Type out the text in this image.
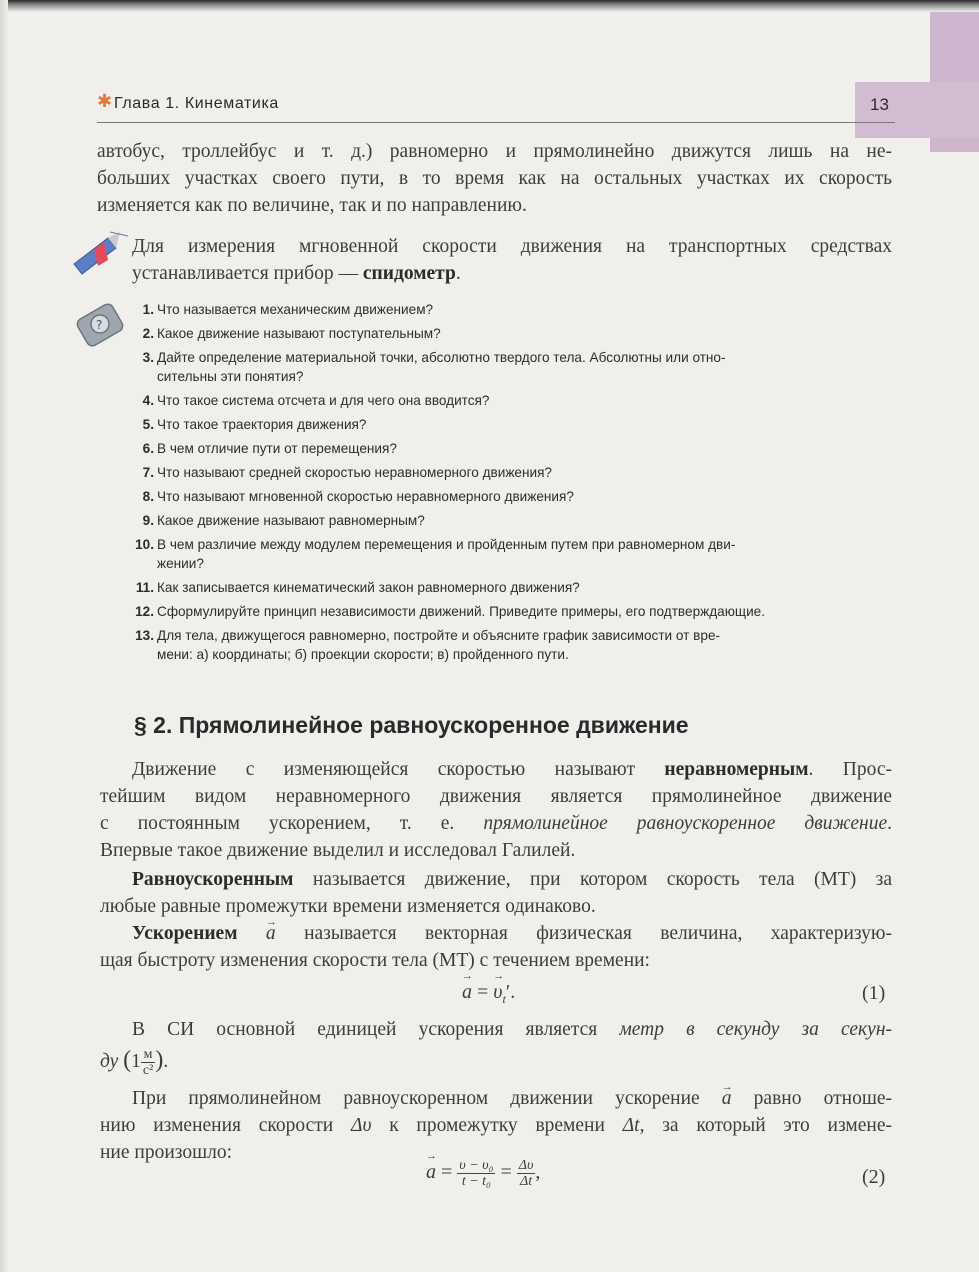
✱ Глава 1. Кинематика	13
автобус, троллейбус и т. д.) равномерно и прямолинейно движутся лишь на не-
больших участках своего пути, в то время как на остальных участках их скорость
изменяется как по величине, так и по направлению.
Для измерения мгновенной скорости движения на транспортных средствах
устанавливается прибор — спидометр.
?
1. Что называется механическим движением?
2. Какое движение называют поступательным?
3. Дайте определение материальной точки, абсолютно твердого тела. Абсолютны или отно-
сительны эти понятия?
4. Что такое система отсчета и для чего она вводится?
5. Что такое траектория движения?
6. В чем отличие пути от перемещения?
7. Что называют средней скоростью неравномерного движения?
8. Что называют мгновенной скоростью неравномерного движения?
9. Какое движение называют равномерным?
10. В чем различие между модулем перемещения и пройденным путем при равномерном дви-
жении?
11. Как записывается кинематический закон равномерного движения?
12. Сформулируйте принцип независимости движений. Приведите примеры, его подтверждающие.
13. Для тела, движущегося равномерно, постройте и объясните график зависимости от вре-
мени: а) координаты; б) проекции скорости; в) пройденного пути.
§ 2. Прямолинейное равноускоренное движение
Движение с изменяющейся скоростью называют неравномерным. Прос-
тейшим видом неравномерного движения является прямолинейное движение
с постоянным ускорением, т. е. прямолинейное равноускоренное движение.
Впервые такое движение выделил и исследовал Галилей.
Равноускоренным называется движение, при котором скорость тела (МТ) за
любые равные промежутки времени изменяется одинаково.
Ускорением → a называется векторная физическая величина, характеризую-
щая быстроту изменения скорости тела (МТ) с течением времени:
→ a = → $\upsilon_t'$.	(1)
В СИ основной единицей ускорения является метр в секунду за секун-
ду ($1 \frac{м}{\text{с²}}$ ).
При прямолинейном равноускоренном движении ускорение → a равно отноше-
нию изменения скорости Δυ к промежутку времени Δt, за который это измене-
ние произошло:
→ $a = \frac{\text{υ − υ₀}}{\text{t − t₀}} = \frac{\Delta\upsilon}{\Delta t}$ ,	(2)
